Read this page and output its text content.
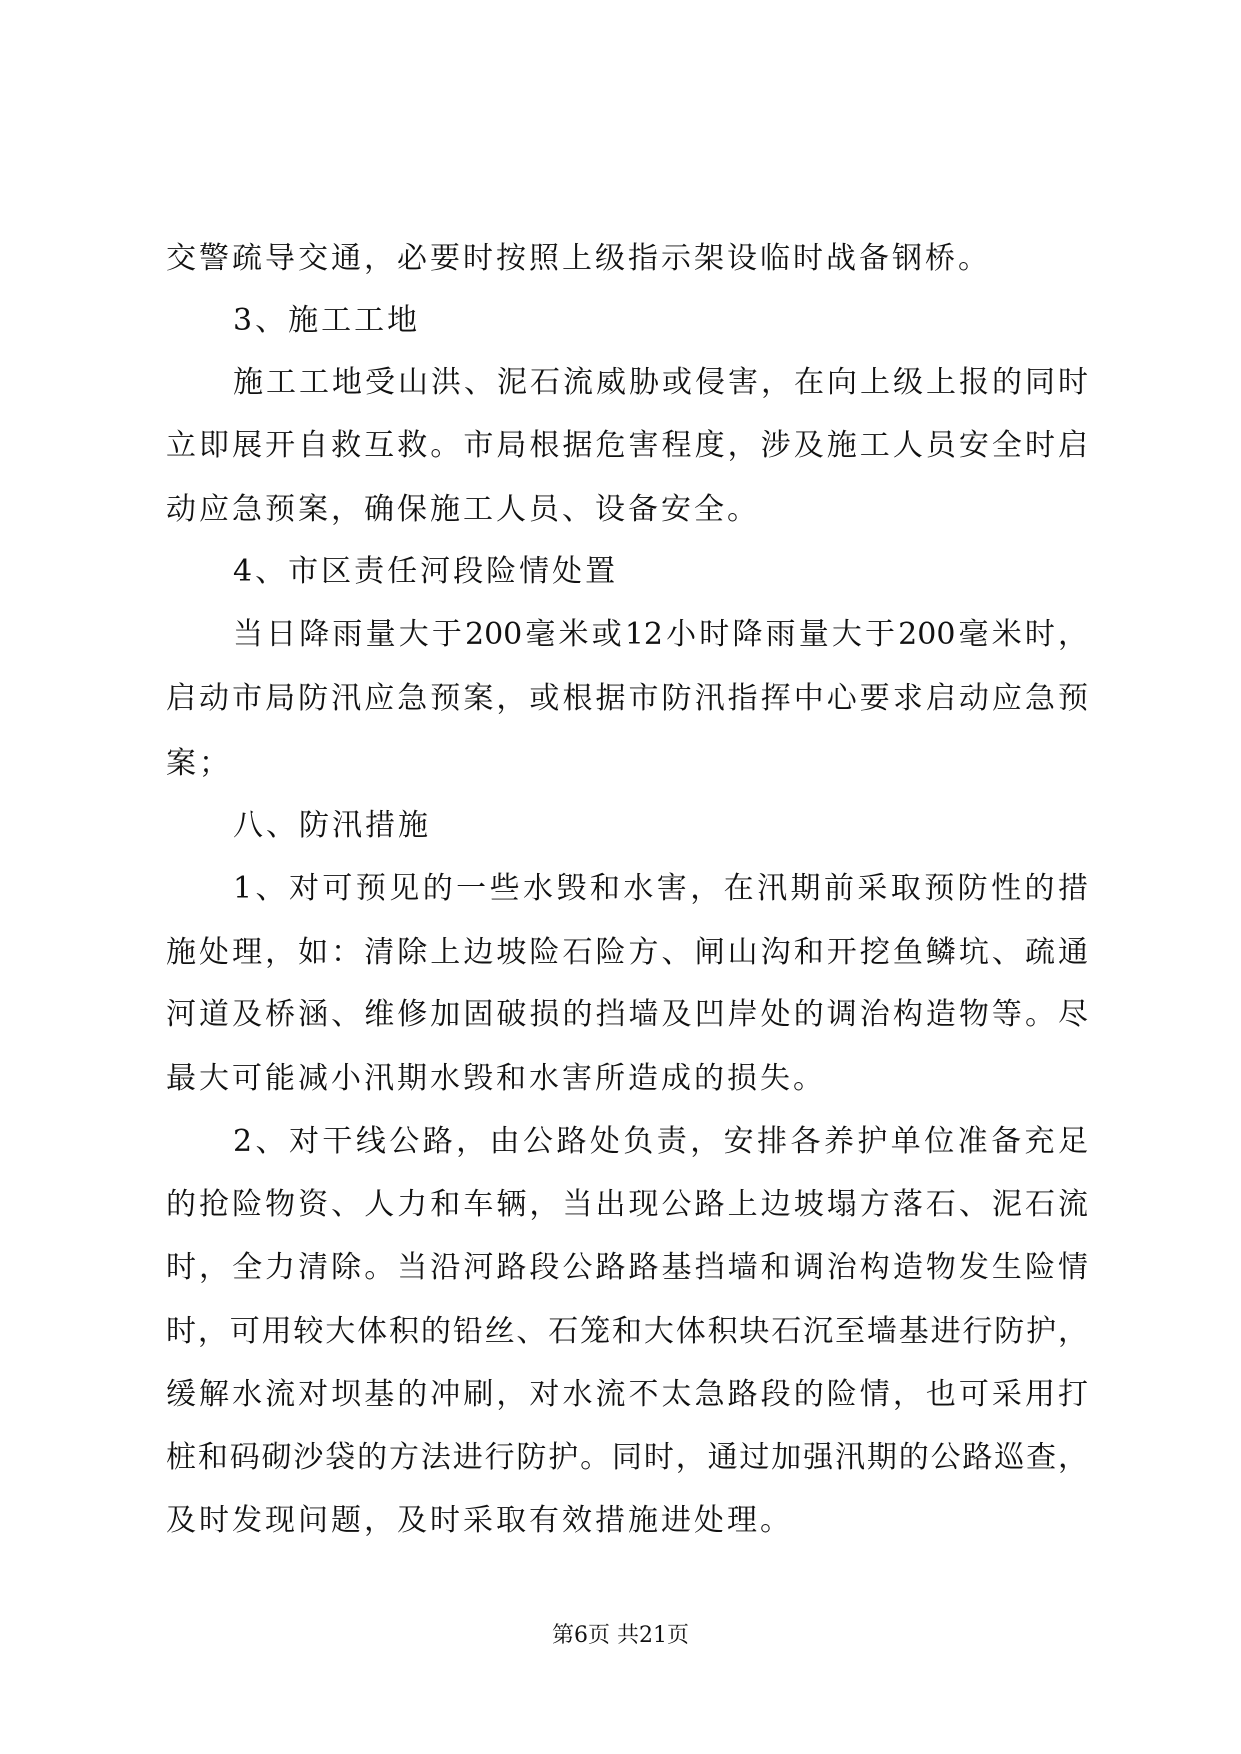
交警疏导交通，必要时按照上级指示架设临时战备钢桥。
3、施工工地
施工工地受山洪、泥石流威胁或侵害，在向上级上报的同时
立即展开自救互救。市局根据危害程度，涉及施工人员安全时启
动应急预案，确保施工人员、设备安全。
4、市区责任河段险情处置
当日降雨量大于200毫米或12小时降雨量大于200毫米时，
启动市局防汛应急预案，或根据市防汛指挥中心要求启动应急预
案；
八、防汛措施
1、对可预见的一些水毁和水害，在汛期前采取预防性的措
施处理，如：清除上边坡险石险方、闸山沟和开挖鱼鳞坑、疏通
河道及桥涵、维修加固破损的挡墙及凹岸处的调治构造物等。尽
最大可能减小汛期水毁和水害所造成的损失。
2、对干线公路，由公路处负责，安排各养护单位准备充足
的抢险物资、人力和车辆，当出现公路上边坡塌方落石、泥石流
时，全力清除。当沿河路段公路路基挡墙和调治构造物发生险情
时，可用较大体积的铅丝、石笼和大体积块石沉至墙基进行防护，
缓解水流对坝基的冲刷，对水流不太急路段的险情，也可采用打
桩和码砌沙袋的方法进行防护。同时，通过加强汛期的公路巡查，
及时发现问题，及时采取有效措施进处理。
第6页 共21页
